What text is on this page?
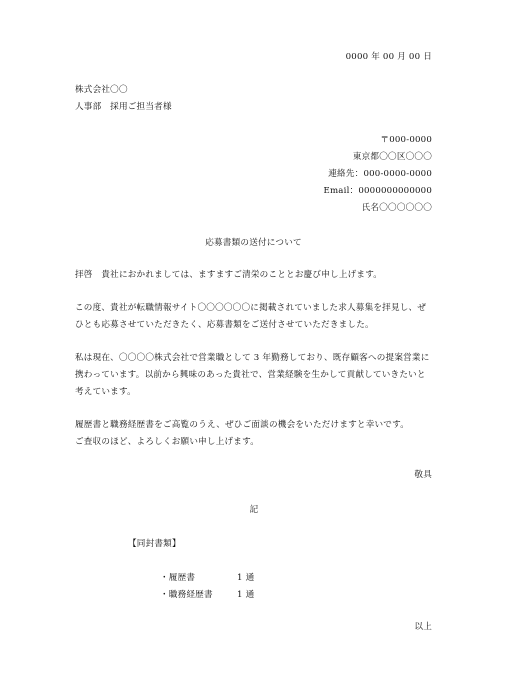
0000 年 00 月 00 日
株式会社〇〇
人事部　採用ご担当者様
〒000-0000
東京都〇〇区〇〇〇
連絡先：000-0000-0000
Email：0000000000000
氏名〇〇〇〇〇〇
応募書類の送付について
拝啓　貴社におかれましては、ますますご清栄のこととお慶び申し上げます。
この度、貴社が転職情報サイト〇〇〇〇〇〇に掲載されていました求人募集を拝見し、ぜ
ひとも応募させていただきたく、応募書類をご送付させていただきました。
私は現在、〇〇〇〇株式会社で営業職として 3 年勤務しており、既存顧客への提案営業に
携わっています。以前から興味のあった貴社で、営業経験を生かして貢献していきたいと
考えています。
履歴書と職務経歴書をご高覧のうえ、ぜひご面談の機会をいただけますと幸いです。
ご査収のほど、よろしくお願い申し上げます。
敬具
記
【同封書類】
・履歴書	1 通
・職務経歴書	1 通
以上
